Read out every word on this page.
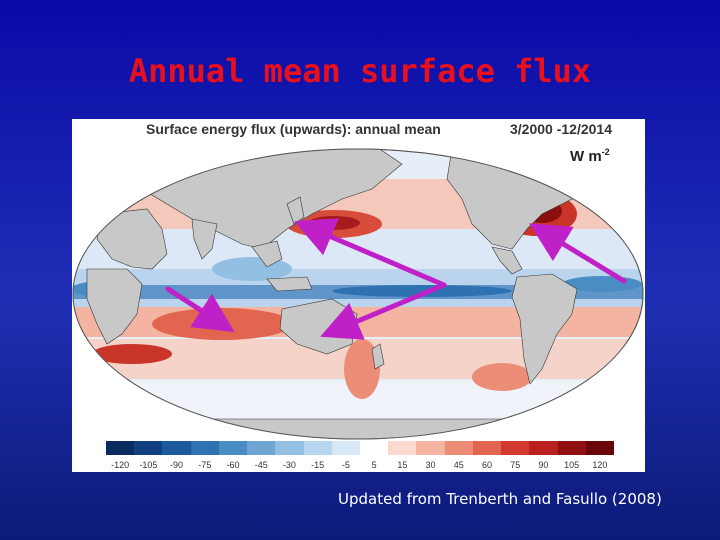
Annual mean surface flux
Surface energy flux (upwards): annual mean	3/2000 -12/2014
W $m^{-2}$
-120 -105 -90 -75 -60 -45 -30 -15 -5 5 15 30 45 60 75 90 105 120
Updated from Trenberth and Fasullo (2008)
